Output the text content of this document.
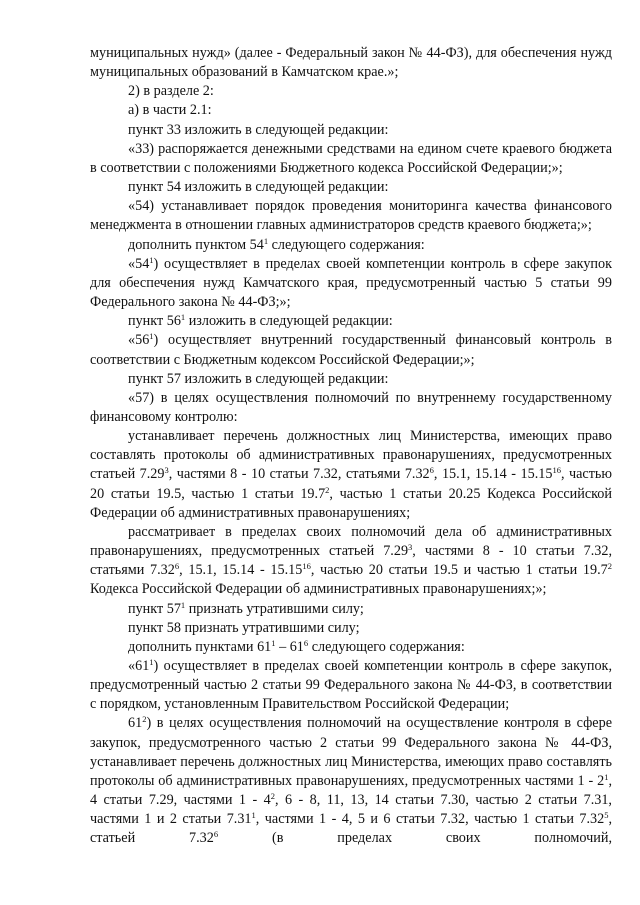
муниципальных нужд» (далее - Федеральный закон № 44-ФЗ), для обеспечения нужд муниципальных образований в Камчатском крае.»;

2) в разделе 2:

а) в части 2.1:

пункт 33 изложить в следующей редакции:

«33) распоряжается денежными средствами на едином счете краевого бюджета в соответствии с положениями Бюджетного кодекса Российской Федерации;»;

пункт 54 изложить в следующей редакции:

«54) устанавливает порядок проведения мониторинга качества финансового менеджмента в отношении главных администраторов средств краевого бюджета;»;

дополнить пунктом $54^1$ следующего содержания:

«$54^1$) осуществляет в пределах своей компетенции контроль в сфере закупок для обеспечения нужд Камчатского края, предусмотренный частью 5 статьи 99 Федерального закона № 44-ФЗ;»;

пункт $56^1$ изложить в следующей редакции:

«$56^1$) осуществляет внутренний государственный финансовый контроль в соответствии с Бюджетным кодексом Российской Федерации;»;

пункт 57 изложить в следующей редакции:

«57) в целях осуществления полномочий по внутреннему государственному финансовому контролю:

устанавливает перечень должностных лиц Министерства, имеющих право составлять протоколы об административных правонарушениях, предусмотренных статьей 7.29$^3$, частями 8 - 10 статьи 7.32, статьями 7.32$^6$, 15.1, 15.14 - 15.15$^{16}$, частью 20 статьи 19.5, частью 1 статьи 19.7$^2$, частью 1 статьи 20.25 Кодекса Российской Федерации об административных правонарушениях;

рассматривает в пределах своих полномочий дела об административных правонарушениях, предусмотренных статьей 7.29$^3$, частями 8 - 10 статьи 7.32, статьями 7.32$^6$, 15.1, 15.14 - 15.15$^{16}$, частью 20 статьи 19.5 и частью 1 статьи 19.7$^2$ Кодекса Российской Федерации об административных правонарушениях;»;

пункт $57^1$ признать утратившими силу;

пункт 58 признать утратившими силу;

дополнить пунктами $61^1 - 61^6$ следующего содержания:

«$61^1$) осуществляет в пределах своей компетенции контроль в сфере закупок, предусмотренный частью 2 статьи 99 Федерального закона № 44-ФЗ, в соответствии с порядком, установленным Правительством Российской Федерации;

$61^2$) в целях осуществления полномочий на осуществление контроля в сфере закупок, предусмотренного частью 2 статьи 99 Федерального закона № 44-ФЗ, устанавливает перечень должностных лиц Министерства, имеющих право составлять протоколы об административных правонарушениях, предусмотренных частями $1 - 2^1$, 4 статьи 7.29, частями $1 - 4^2$, 6 - 8, 11, 13, 14 статьи 7.30, частью 2 статьи 7.31, частями 1 и 2 статьи 7.31$^1$, частями 1 - 4, 5 и 6 статьи 7.32, частью 1 статьи 7.32$^5$, статьей 7.32$^6$ (в пределах своих полномочий,
